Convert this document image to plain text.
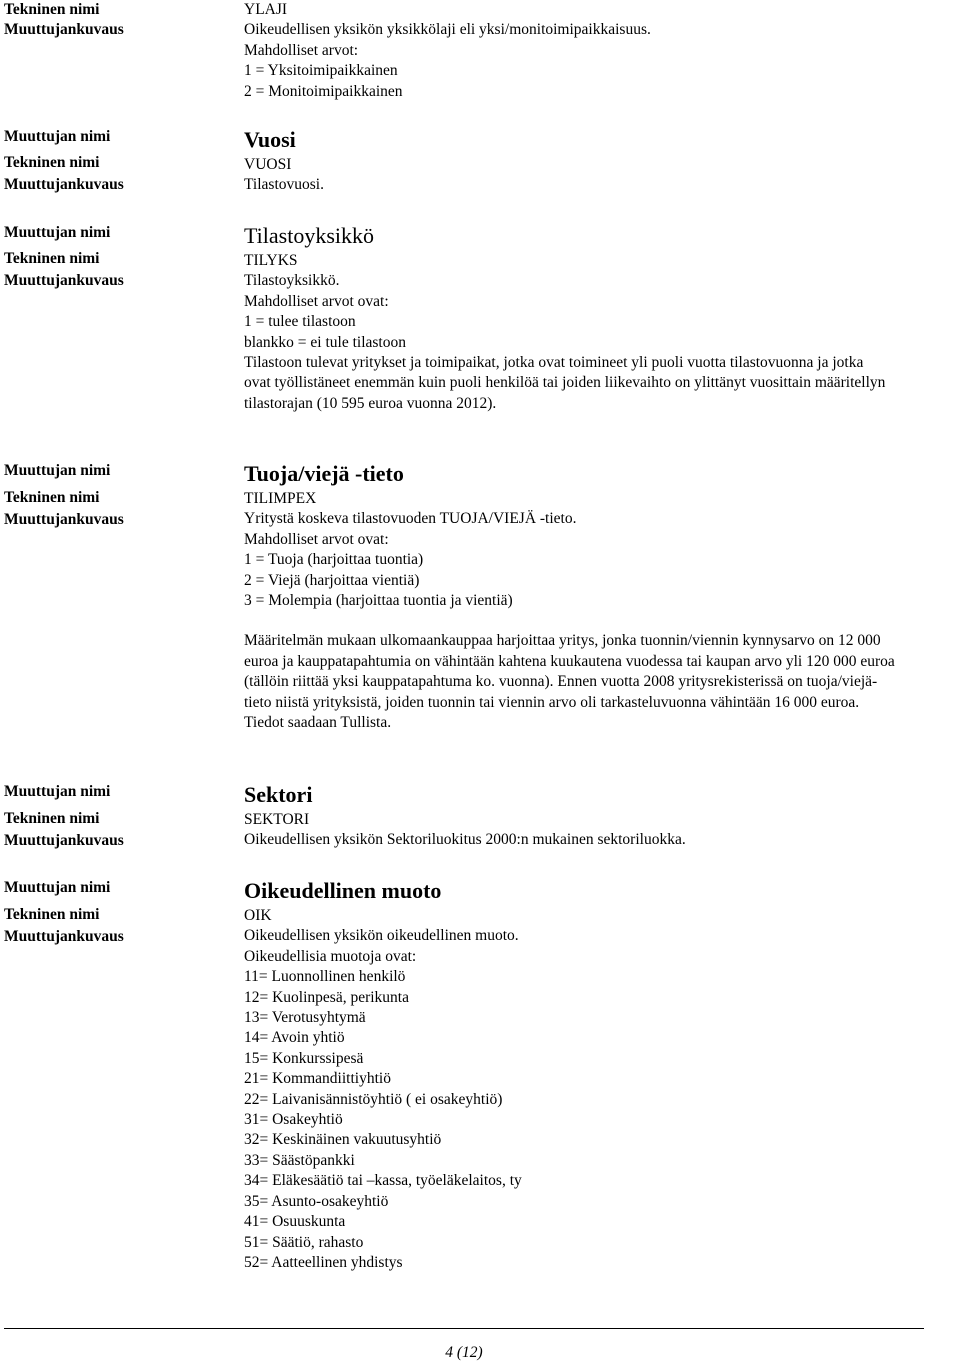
Tekninen nimi
Muuttujankuvaus
YLAJI
Oikeudellisen yksikön yksikkölaji eli yksi/monitoimipaikkaisuus.
Mahdolliset arvot:
1 = Yksitoimipaikkainen
2 = Monitoimipaikkainen
Muuttujan nimi
Tekninen nimi
Muuttujankuvaus
Vuosi
VUOSI
Tilastovuosi.
Muuttujan nimi
Tekninen nimi
Muuttujankuvaus
Tilastoyksikkö
TILYKS
Tilastoyksikkö.
Mahdolliset arvot ovat:
1 = tulee tilastoon
blankko = ei tule tilastoon
Tilastoon tulevat yritykset ja toimipaikat, jotka ovat toimineet yli puoli vuotta tilastovuonna ja jotka
ovat työllistäneet enemmän kuin puoli henkilöä tai joiden liikevaihto on ylittänyt vuosittain määritellyn
tilastorajan (10 595 euroa vuonna 2012).
Muuttujan nimi
Tekninen nimi
Muuttujankuvaus
Tuoja/viejä -tieto
TILIMPEX
Yritystä koskeva tilastovuoden TUOJA/VIEJÄ -tieto.
Mahdolliset arvot ovat:
1 = Tuoja (harjoittaa tuontia)
2 = Viejä (harjoittaa vientiä)
3 = Molempia (harjoittaa tuontia ja vientiä)
Määritelmän mukaan ulkomaankauppaa harjoittaa yritys, jonka tuonnin/viennin kynnysarvo on 12 000
euroa ja kauppatapahtumia on vähintään kahtena kuukautena vuodessa tai kaupan arvo yli 120 000 euroa
(tällöin riittää yksi kauppatapahtuma ko. vuonna). Ennen vuotta 2008 yritysrekisterissä on tuoja/viejä-
tieto niistä yrityksistä, joiden tuonnin tai viennin arvo oli tarkasteluvuonna vähintään 16 000 euroa.
Tiedot saadaan Tullista.
Muuttujan nimi
Tekninen nimi
Muuttujankuvaus
Sektori
SEKTORI
Oikeudellisen yksikön Sektoriluokitus 2000:n mukainen sektoriluokka.
Muuttujan nimi
Tekninen nimi
Muuttujankuvaus
Oikeudellinen muoto
OIK
Oikeudellisen yksikön oikeudellinen muoto.
Oikeudellisia muotoja ovat:
11= Luonnollinen henkilö
12= Kuolinpesä, perikunta
13= Verotusyhtymä
14= Avoin yhtiö
15= Konkurssipesä
21= Kommandiittiyhtiö
22= Laivanisännistöyhtiö ( ei osakeyhtiö)
31= Osakeyhtiö
32= Keskinäinen vakuutusyhtiö
33= Säästöpankki
34= Eläkesäätiö tai –kassa, työeläkelaitos, ty
35= Asunto-osakeyhtiö
41= Osuuskunta
51= Säätiö, rahasto
52= Aatteellinen yhdistys
4 (12)
